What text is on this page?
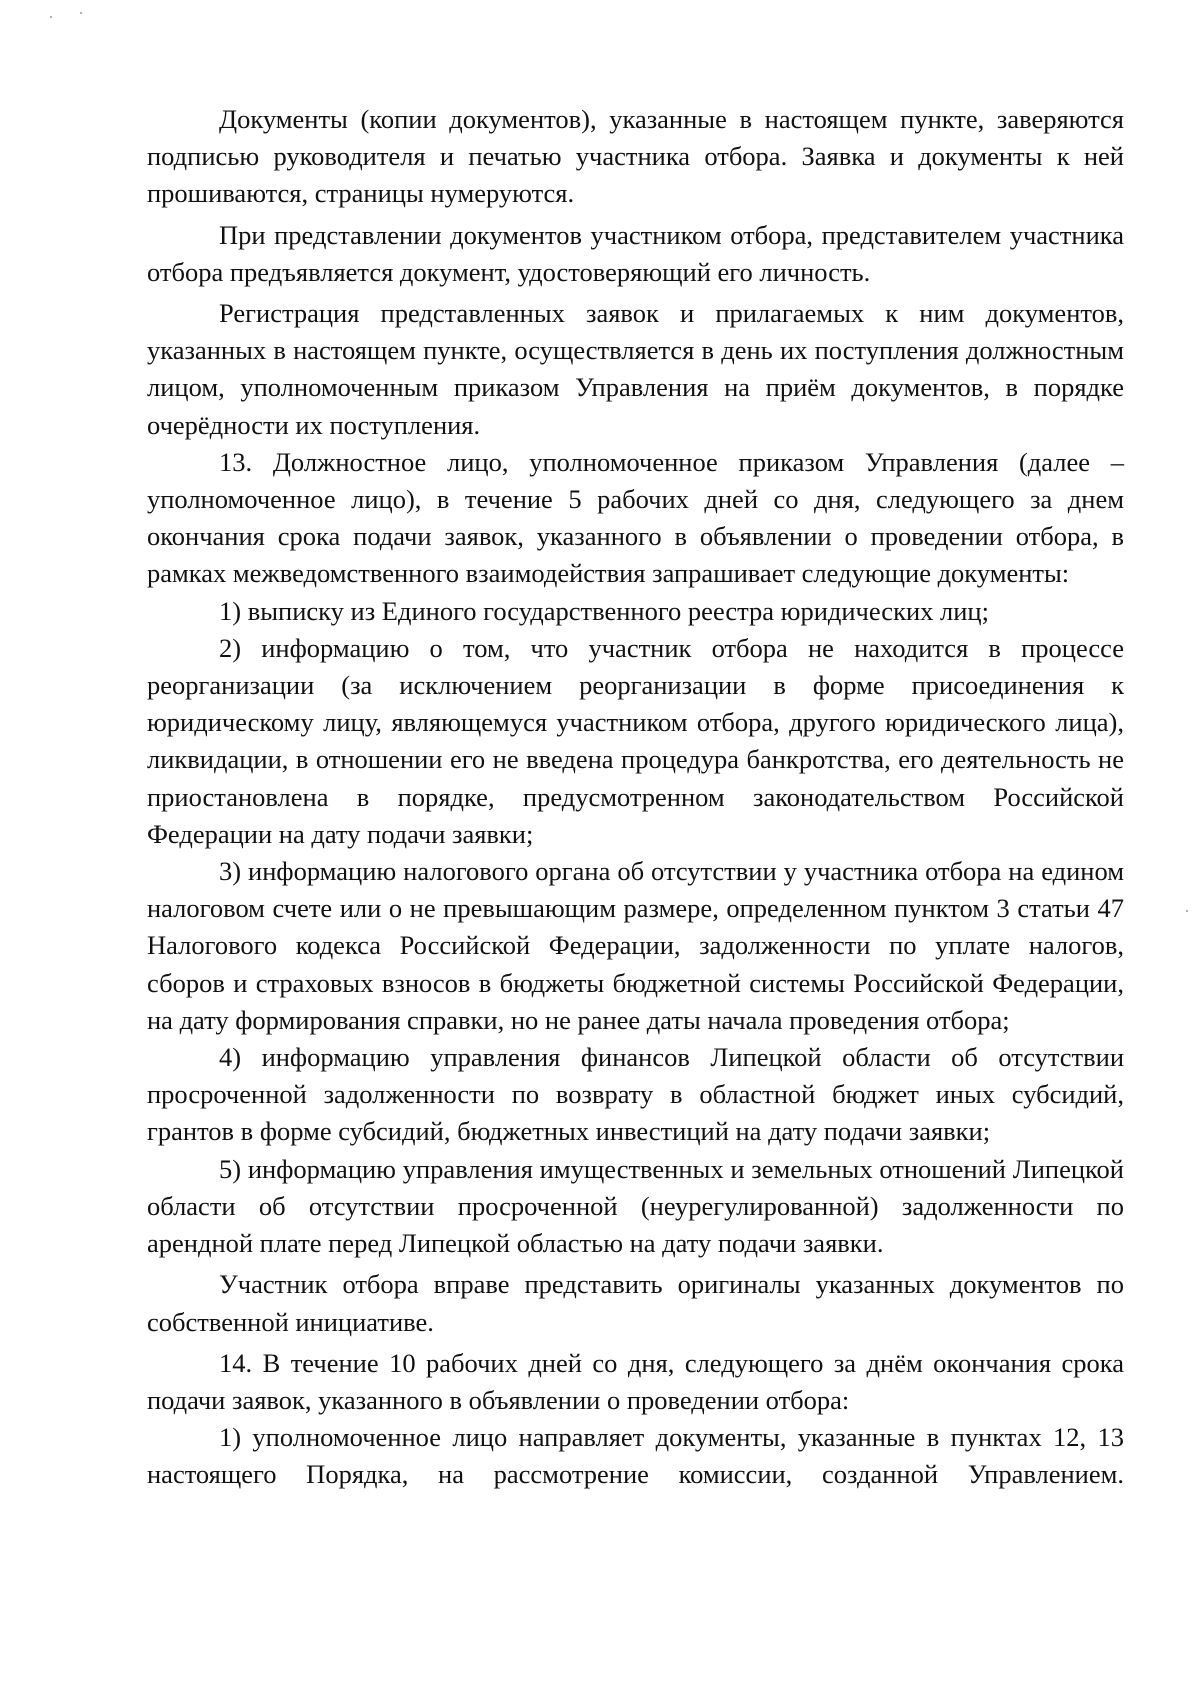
Документы (копии документов), указанные в настоящем пункте, заверяются подписью руководителя и печатью участника отбора. Заявка и документы к ней прошиваются, страницы нумеруются.

При представлении документов участником отбора, представителем участника отбора предъявляется документ, удостоверяющий его личность.

Регистрация представленных заявок и прилагаемых к ним документов, указанных в настоящем пункте, осуществляется в день их поступления должностным лицом, уполномоченным приказом Управления на приём документов, в порядке очерёдности их поступления.

13. Должностное лицо, уполномоченное приказом Управления (далее – уполномоченное лицо), в течение 5 рабочих дней со дня, следующего за днем окончания срока подачи заявок, указанного в объявлении о проведении отбора, в рамках межведомственного взаимодействия запрашивает следующие документы:

1) выписку из Единого государственного реестра юридических лиц;

2) информацию о том, что участник отбора не находится в процессе реорганизации (за исключением реорганизации в форме присоединения к юридическому лицу, являющемуся участником отбора, другого юридического лица), ликвидации, в отношении его не введена процедура банкротства, его деятельность не приостановлена в порядке, предусмотренном законодательством Российской Федерации на дату подачи заявки;

3) информацию налогового органа об отсутствии у участника отбора на едином налоговом счете или о не превышающим размере, определенном пунктом 3 статьи 47 Налогового кодекса Российской Федерации, задолженности по уплате налогов, сборов и страховых взносов в бюджеты бюджетной системы Российской Федерации, на дату формирования справки, но не ранее даты начала проведения отбора;

4) информацию управления финансов Липецкой области об отсутствии просроченной задолженности по возврату в областной бюджет иных субсидий, грантов в форме субсидий, бюджетных инвестиций на дату подачи заявки;

5) информацию управления имущественных и земельных отношений Липецкой области об отсутствии просроченной (неурегулированной) задолженности по арендной плате перед Липецкой областью на дату подачи заявки.

Участник отбора вправе представить оригиналы указанных документов по собственной инициативе.

14. В течение 10 рабочих дней со дня, следующего за днём окончания срока подачи заявок, указанного в объявлении о проведении отбора:

1) уполномоченное лицо направляет документы, указанные в пунктах 12, 13 настоящего Порядка, на рассмотрение комиссии, созданной Управлением.
